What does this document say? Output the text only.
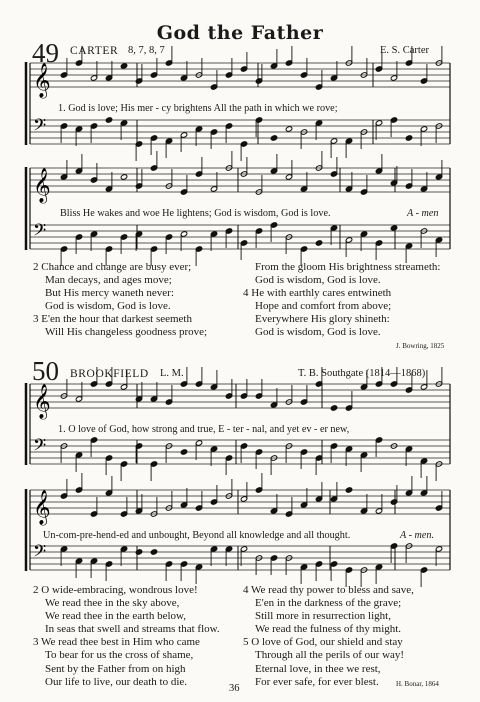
𝄞
𝄢
𝄞
𝄢
𝄞
𝄢
𝄞
𝄢
God the Father
49 CARTER 8, 7, 8, 7	E. S. Carter
1. God is love; His mer - cy brightens All the path in which we rove;
Bliss He wakes and woe He lightens; God is wisdom, God is love.	A - men
2 Chance and change are busy ever;
Man decays, and ages move;
But His mercy waneth never:
God is wisdom, God is love.
3 E'en the hour that darkest seemeth
Will His changeless goodness prove;
From the gloom His brightness streameth:
God is wisdom, God is love.
4 He with earthly cares entwineth
Hope and comfort from above;
Everywhere His glory shineth:
God is wisdom, God is love.
J. Bowring, 1825
50 BROOKFIELD L. M.	T. B. Southgate (1814—1868)
1. O love of God, how strong and true, E - ter - nal, and yet ev - er new,
Un-com-pre-hend-ed and unbought, Beyond all knowledge and all thought.	A - men.
2 O wide-embracing, wondrous love!
We read thee in the sky above,
We read thee in the earth below,
In seas that swell and streams that flow.
3 We read thee best in Him who came
To bear for us the cross of shame,
Sent by the Father from on high
Our life to live, our death to die.
4 We read thy power to bless and save,
E'en in the darkness of the grave;
Still more in resurrection light,
We read the fulness of thy might.
5 O love of God, our shield and stay
Through all the perils of our way!
Eternal love, in thee we rest,
For ever safe, for ever blest.	H. Bonar, 1864
36
